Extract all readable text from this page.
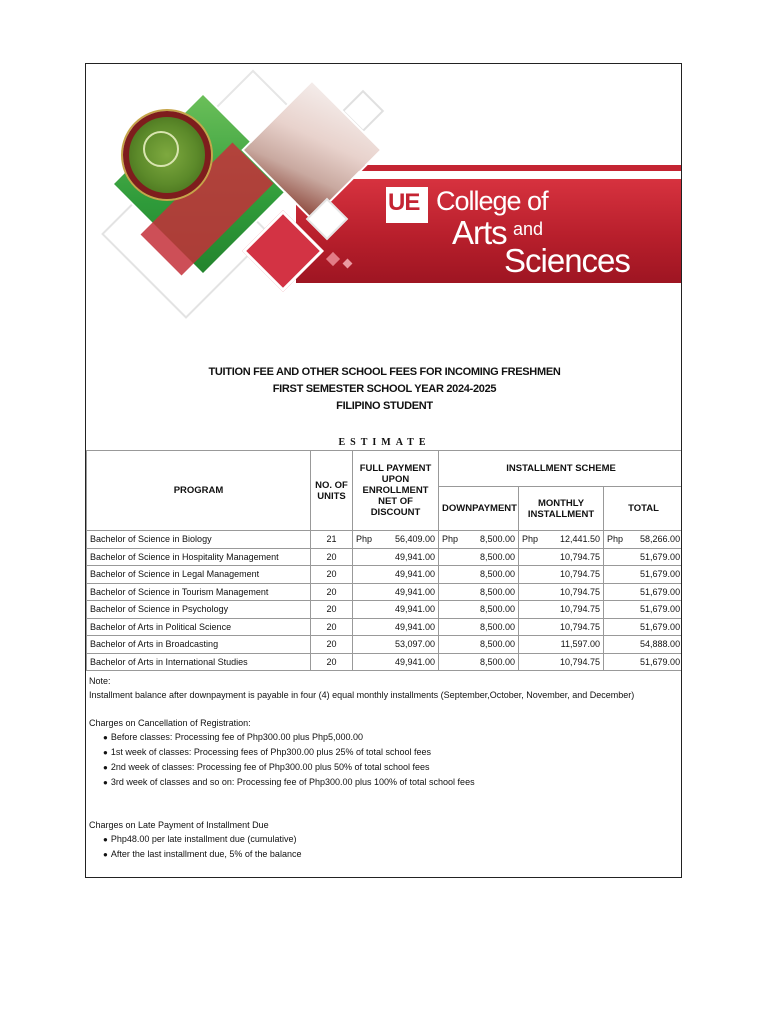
UE College of
Arts and
Sciences
TUITION FEE AND OTHER SCHOOL FEES FOR INCOMING FRESHMEN
FIRST SEMESTER SCHOOL YEAR 2024-2025
FILIPINO STUDENT
ESTIMATE
PROGRAM	NO. OF UNITS	FULL PAYMENT UPON ENROLLMENT NET OF DISCOUNT		INSTALLMENT SCHEME					
				DOWNPAYMENT		MONTHLY INSTALLMENT		TOTAL	
Bachelor of Science in Biology	21	Php	56,409.00	Php	8,500.00	Php	12,441.50	Php	58,266.00
Bachelor of Science in Hospitality Management	20	49,941.00		8,500.00		10,794.75		51,679.00	
Bachelor of Science in Legal Management	20	49,941.00		8,500.00		10,794.75		51,679.00	
Bachelor of Science in Tourism Management	20	49,941.00		8,500.00		10,794.75		51,679.00	
Bachelor of Science in Psychology	20	49,941.00		8,500.00		10,794.75		51,679.00	
Bachelor of Arts in Political Science	20	49,941.00		8,500.00		10,794.75		51,679.00	
Bachelor of Arts in Broadcasting	20	53,097.00		8,500.00		11,597.00		54,888.00	
Bachelor of Arts in International Studies	20	49,941.00		8,500.00		10,794.75		51,679.00	

Note:

Installment balance after downpayment is payable in four (4) equal monthly installments (September,October, November, and December)

Charges on Cancellation of Registration:

● Before classes: Processing fee of Php300.00 plus Php5,000.00

● 1st week of classes: Processing fees of Php300.00 plus 25% of total school fees

● 2nd week of classes: Processing fee of Php300.00 plus 50% of total school fees

● 3rd week of classes and so on: Processing fee of Php300.00 plus 100% of total school fees

Charges on Late Payment of Installment Due

● Php48.00 per late installment due (cumulative)

● After the last installment due, 5% of the balance
